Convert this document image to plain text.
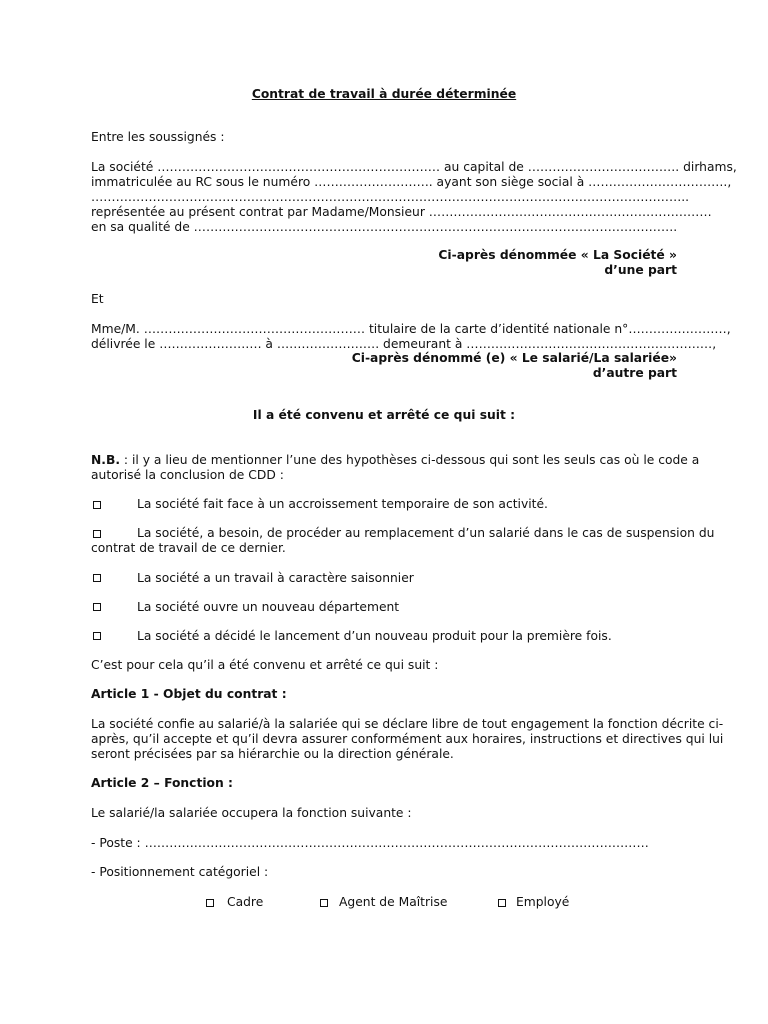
Contrat de travail à durée déterminée
Entre les soussignés :
La société …………………………………………………………… au capital de ………………………………. dirhams,
immatriculée au RC sous le numéro ……………………….. ayant son siège social à …………………………….,
………………………………………………………………………………………………………………………………..
représentée au présent contrat par Madame/Monsieur ……………………………………………………………
en sa qualité de ……………………………………………………………………………………………………….
Ci-après dénommée « La Société »
d’une part
Et
Mme/M. ……………………………………………… titulaire de la carte d’identité nationale n°……………………,
délivrée le ……………………. à ……………………. demeurant à ……………………………………………………,
Ci-après dénommé (e) « Le salarié/La salariée»
d’autre part
Il a été convenu et arrêté ce qui suit :
N.B. : il y a lieu de mentionner l’une des hypothèses ci-dessous qui sont les seuls cas où le code a
autorisé la conclusion de CDD :
La société fait face à un accroissement temporaire de son activité.
La société, a besoin, de procéder au remplacement d’un salarié dans le cas de suspension du
contrat de travail de ce dernier.
La société a un travail à caractère saisonnier
La société ouvre un nouveau département
La société a décidé le lancement d’un nouveau produit pour la première fois.
C’est pour cela qu’il a été convenu et arrêté ce qui suit :
Article 1 - Objet du contrat :
La société confie au salarié/à la salariée qui se déclare libre de tout engagement la fonction décrite ci-
après, qu’il accepte et qu’il devra assurer conformément aux horaires, instructions et directives qui lui
seront précisées par sa hiérarchie ou la direction générale.
Article 2 – Fonction :
Le salarié/la salariée occupera la fonction suivante :
- Poste : ……………………………………………………………………………………………………………
- Positionnement catégoriel :
Cadre	Agent de Maîtrise	Employé
